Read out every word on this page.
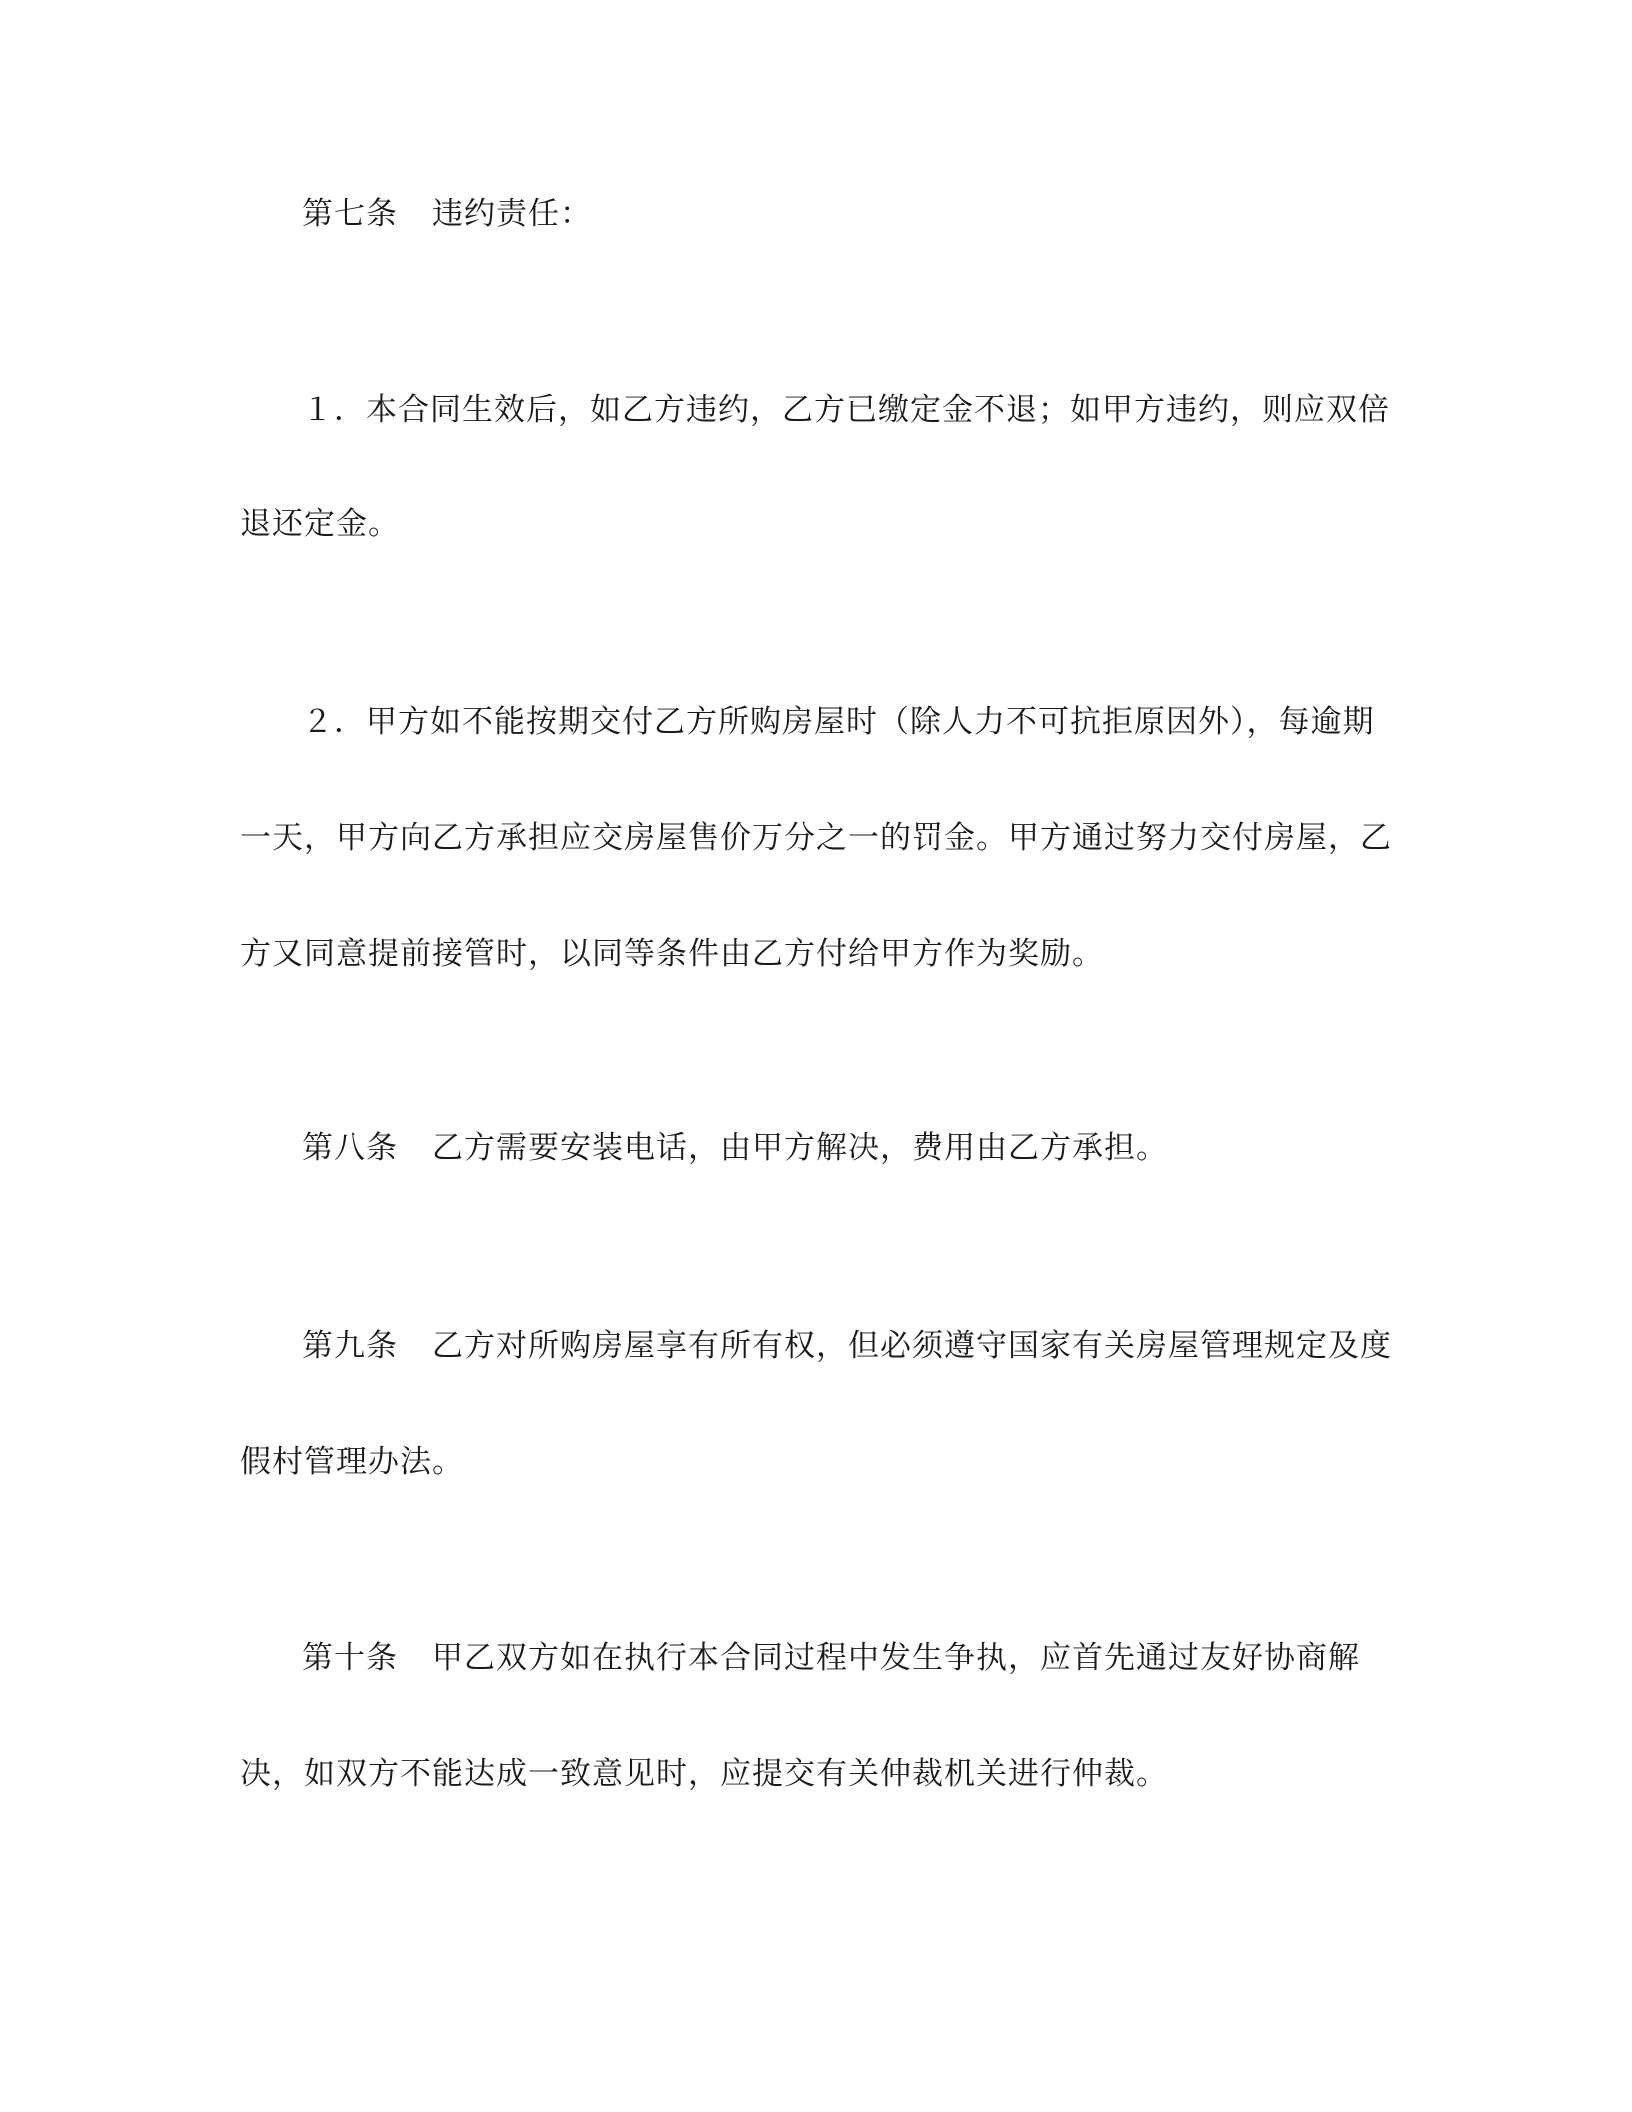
第七条 违约责任：
１．本合同生效后，如乙方违约，乙方已缴定金不退；如甲方违约，则应双倍
退还定金。
２．甲方如不能按期交付乙方所购房屋时（除人力不可抗拒原因外），每逾期
一天，甲方向乙方承担应交房屋售价万分之一的罚金。甲方通过努力交付房屋，乙
方又同意提前接管时，以同等条件由乙方付给甲方作为奖励。
第八条 乙方需要安装电话，由甲方解决，费用由乙方承担。
第九条 乙方对所购房屋享有所有权，但必须遵守国家有关房屋管理规定及度
假村管理办法。
第十条 甲乙双方如在执行本合同过程中发生争执，应首先通过友好协商解
决，如双方不能达成一致意见时，应提交有关仲裁机关进行仲裁。
